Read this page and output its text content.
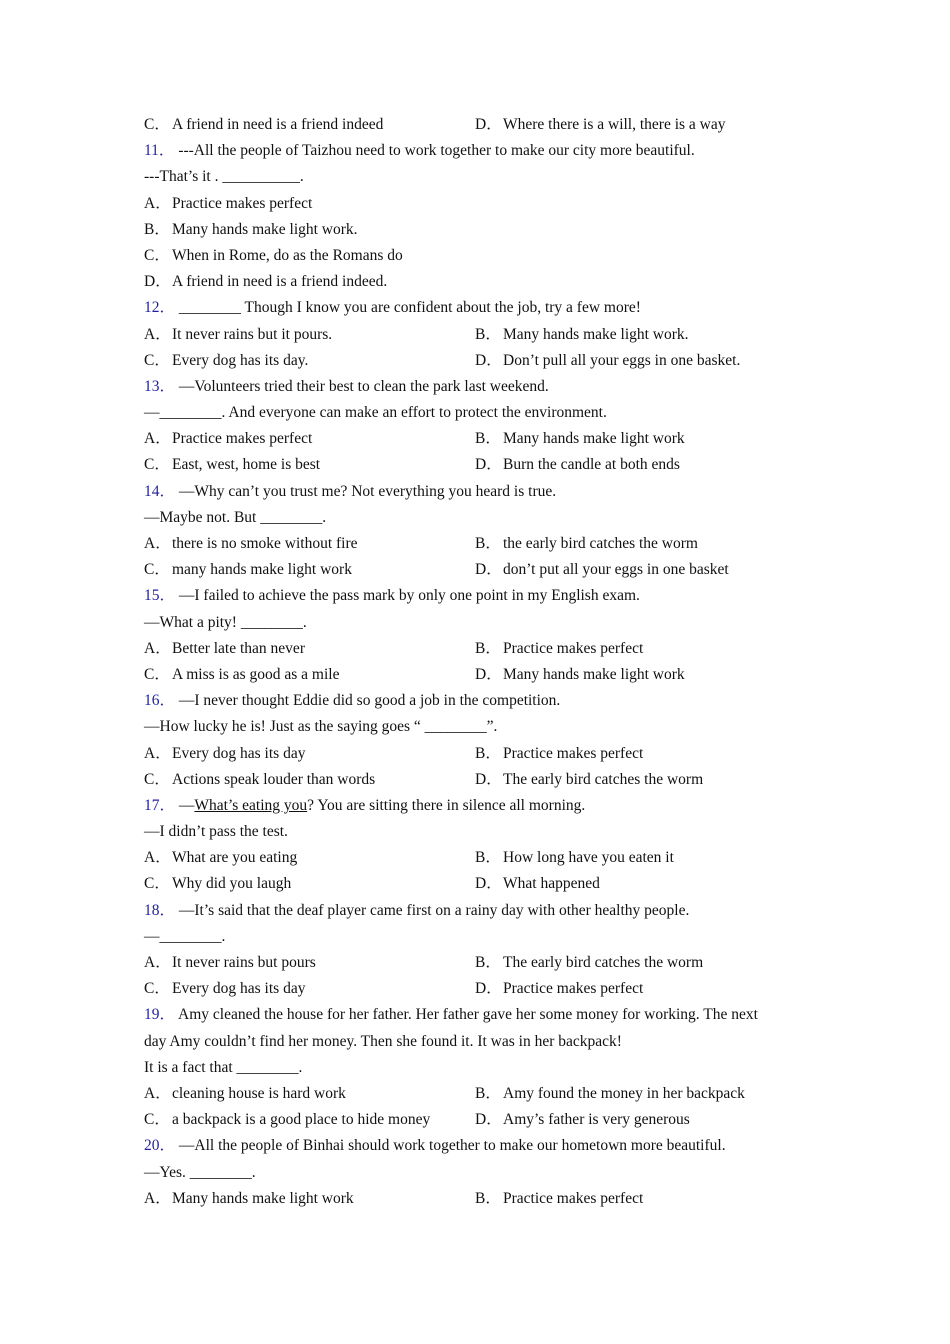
C． A friend in need is a friend indeed	D．Where there is a will, there is a way
11． ---All the people of Taizhou need to work together to make our city more beautiful.
---That’s it . __________.
A．Practice makes perfect
B． Many hands make light work.
C． When in Rome, do as the Romans do
D．A friend in need is a friend indeed.
12． ________ Though I know you are confident about the job, try a few more!
A．It never rains but it pours.	B． Many hands make light work.
C． Every dog has its day.	D．Don’t pull all your eggs in one basket.
13． —Volunteers tried their best to clean the park last weekend.
—________. And everyone can make an effort to protect the environment.
A．Practice makes perfect	B． Many hands make light work
C． East, west, home is best	D．Burn the candle at both ends
14． —Why can’t you trust me? Not everything you heard is true.
—Maybe not. But ________.
A．there is no smoke without fire	B． the early bird catches the worm
C． many hands make light work	D．don’t put all your eggs in one basket
15． —I failed to achieve the pass mark by only one point in my English exam.
—What a pity! ________.
A．Better late than never	B． Practice makes perfect
C． A miss is as good as a mile	D．Many hands make light work
16． —I never thought Eddie did so good a job in the competition.
—How lucky he is! Just as the saying goes “ ________”.
A．Every dog has its day	B． Practice makes perfect
C． Actions speak louder than words	D．The early bird catches the worm
17． —What’s eating you? You are sitting there in silence all morning.
—I didn’t pass the test.
A．What are you eating	B． How long have you eaten it
C． Why did you laugh	D．What happened
18． —It’s said that the deaf player came first on a rainy day with other healthy people.
—________.
A．It never rains but pours	B． The early bird catches the worm
C． Every dog has its day	D．Practice makes perfect
19． Amy cleaned the house for her father. Her father gave her some money for working. The next
day Amy couldn’t find her money. Then she found it. It was in her backpack!
It is a fact that ________.
A．cleaning house is hard work	B． Amy found the money in her backpack
C． a backpack is a good place to hide money	D．Amy’s father is very generous
20． —All the people of Binhai should work together to make our hometown more beautiful.
—Yes. ________.
A．Many hands make light work	B． Practice makes perfect
